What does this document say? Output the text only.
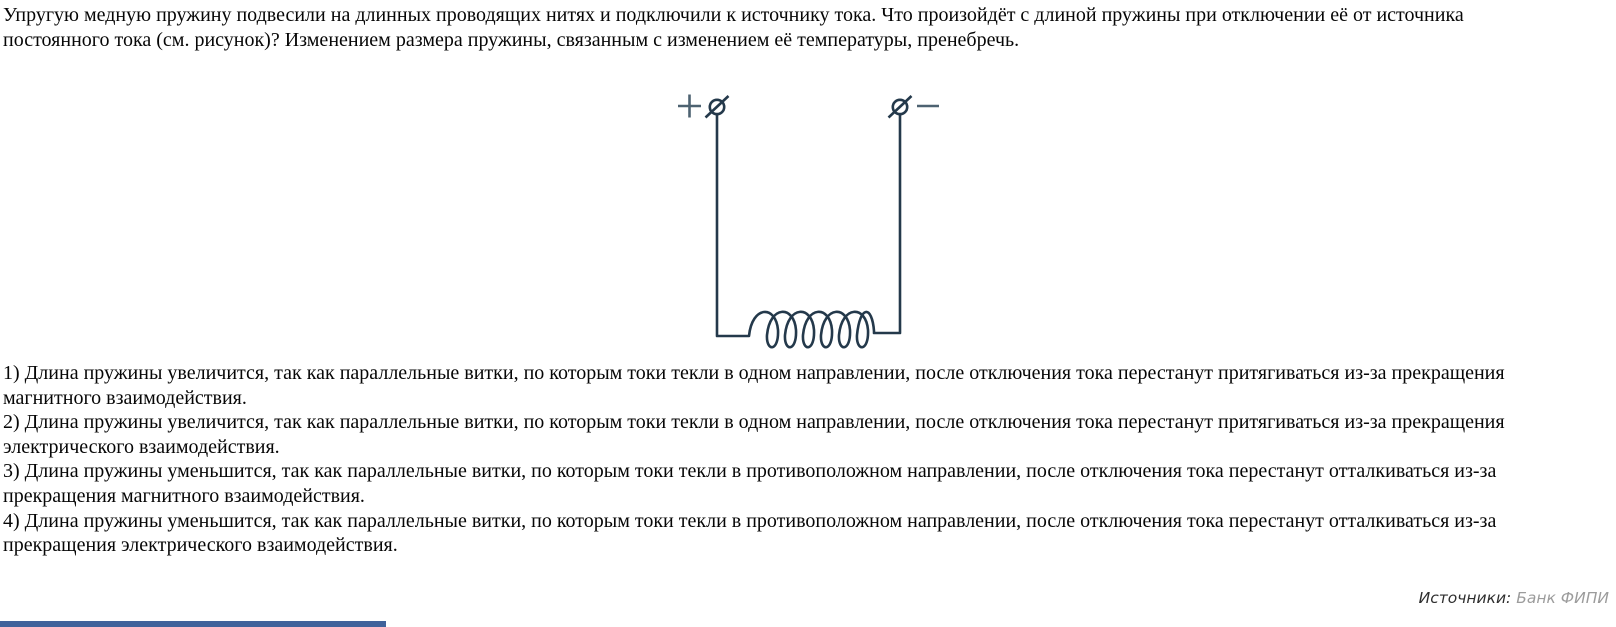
Упругую медную пружину подвесили на длинных проводящих нитях и подключили к источнику тока. Что произойдёт с длиной пружины при отключении её от источника постоянного тока (см. рисунок)? Изменением размера пружины, связанным с изменением её температуры, пренебречь.

1) Длина пружины увеличится, так как параллельные витки, по которым токи текли в одном направлении, после отключения тока перестанут притягиваться из-за прекращения магнитного взаимодействия.

2) Длина пружины увеличится, так как параллельные витки, по которым токи текли в одном направлении, после отключения тока перестанут притягиваться из-за прекращения электрического взаимодействия.

3) Длина пружины уменьшится, так как параллельные витки, по которым токи текли в противоположном направлении, после отключения тока перестанут отталкиваться из-за прекращения магнитного взаимодействия.

4) Длина пружины уменьшится, так как параллельные витки, по которым токи текли в противоположном направлении, после отключения тока перестанут отталкиваться из-за прекращения электрического взаимодействия.

Источники: Банк ФИПИ
